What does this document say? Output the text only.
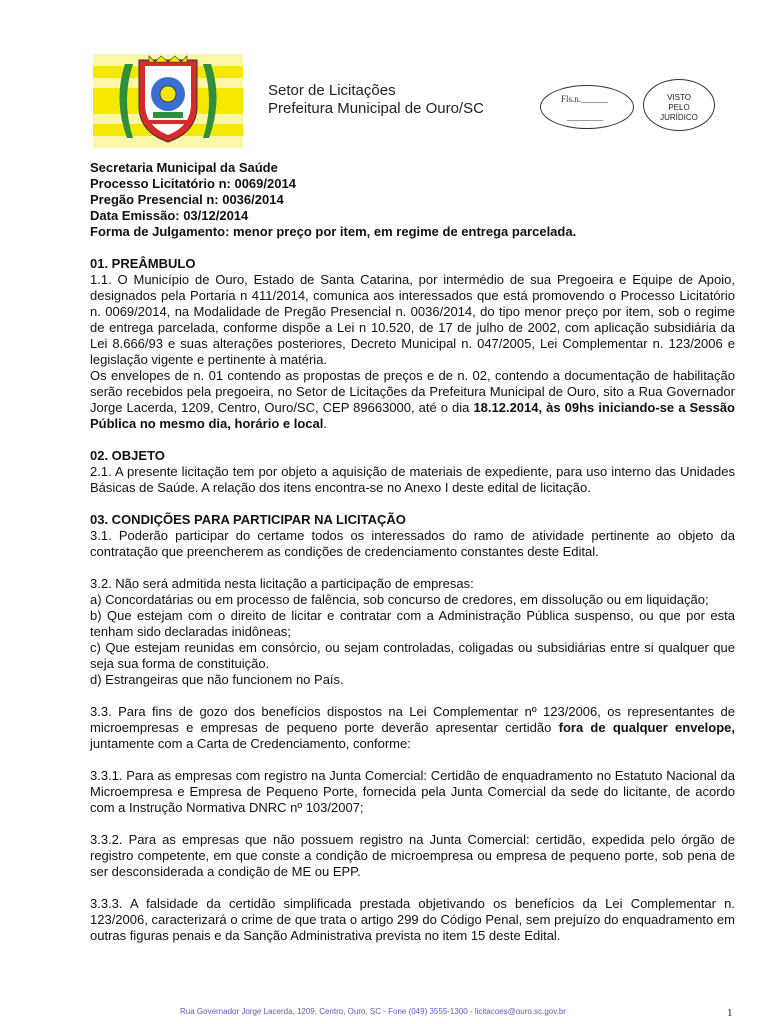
Setor de Licitações
Prefeitura Municipal de Ouro/SC
Fls.n.______
________
VISTO
PELO
JURÍDICO

Secretaria Municipal da Saúde

Processo Licitatório n: 0069/2014

Pregão Presencial n: 0036/2014

Data Emissão: 03/12/2014

Forma de Julgamento: menor preço por item, em regime de entrega parcelada.

01. PREÂMBULO

1.1. O Município de Ouro, Estado de Santa Catarina, por intermédio de sua Pregoeira e Equipe de Apoio, designados pela Portaria n 411/2014, comunica aos interessados que está promovendo o Processo Licitatório n. 0069/2014, na Modalidade de Pregão Presencial n. 0036/2014, do tipo menor preço por item, sob o regime de entrega parcelada, conforme dispõe a Lei n 10.520, de 17 de julho de 2002, com aplicação subsidiária da Lei 8.666/93 e suas alterações posteriores, Decreto Municipal n. 047/2005, Lei Complementar n. 123/2006 e legislação vigente e pertinente à matéria.

Os envelopes de n. 01 contendo as propostas de preços e de n. 02, contendo a documentação de habilitação serão recebidos pela pregoeira, no Setor de Licitações da Prefeitura Municipal de Ouro, sito a Rua Governador Jorge Lacerda, 1209, Centro, Ouro/SC, CEP 89663000, até o dia 18.12.2014, às 09hs iniciando-se a Sessão Pública no mesmo dia, horário e local.

02. OBJETO

2.1. A presente licitação tem por objeto a aquisição de materiais de expediente, para uso interno das Unidades Básicas de Saúde. A relação dos itens encontra-se no Anexo I deste edital de licitação.

03. CONDIÇÕES PARA PARTICIPAR NA LICITAÇÃO

3.1. Poderão participar do certame todos os interessados do ramo de atividade pertinente ao objeto da contratação que preencherem as condições de credenciamento constantes deste Edital.

3.2. Não será admitida nesta licitação a participação de empresas:

a) Concordatárias ou em processo de falência, sob concurso de credores, em dissolução ou em liquidação;

b) Que estejam com o direito de licitar e contratar com a Administração Pública suspenso, ou que por esta tenham sido declaradas inidôneas;

c) Que estejam reunidas em consórcio, ou sejam controladas, coligadas ou subsidiárias entre si qualquer que seja sua forma de constituição.

d) Estrangeiras que não funcionem no País.

3.3. Para fins de gozo dos benefícios dispostos na Lei Complementar nº 123/2006, os representantes de microempresas e empresas de pequeno porte deverão apresentar certidão fora de qualquer envelope, juntamente com a Carta de Credenciamento, conforme:

3.3.1. Para as empresas com registro na Junta Comercial: Certidão de enquadramento no Estatuto Nacional da Microempresa e Empresa de Pequeno Porte, fornecida pela Junta Comercial da sede do licitante, de acordo com a Instrução Normativa DNRC nº 103/2007;

3.3.2. Para as empresas que não possuem registro na Junta Comercial: certidão, expedida pelo órgão de registro competente, em que conste a condição de microempresa ou empresa de pequeno porte, sob pena de ser desconsiderada a condição de ME ou EPP.

3.3.3. A falsidade da certidão simplificada prestada objetivando os benefícios da Lei Complementar n. 123/2006, caracterizará o crime de que trata o artigo 299 do Código Penal, sem prejuízo do enquadramento em outras figuras penais e da Sanção Administrativa prevista no item 15 deste Edital.

Rua Governador Jorge Lacerda, 1209, Centro, Ouro, SC - Fone (049) 3555-1300 - licitacoes@ouro.sc.gov.br	1
